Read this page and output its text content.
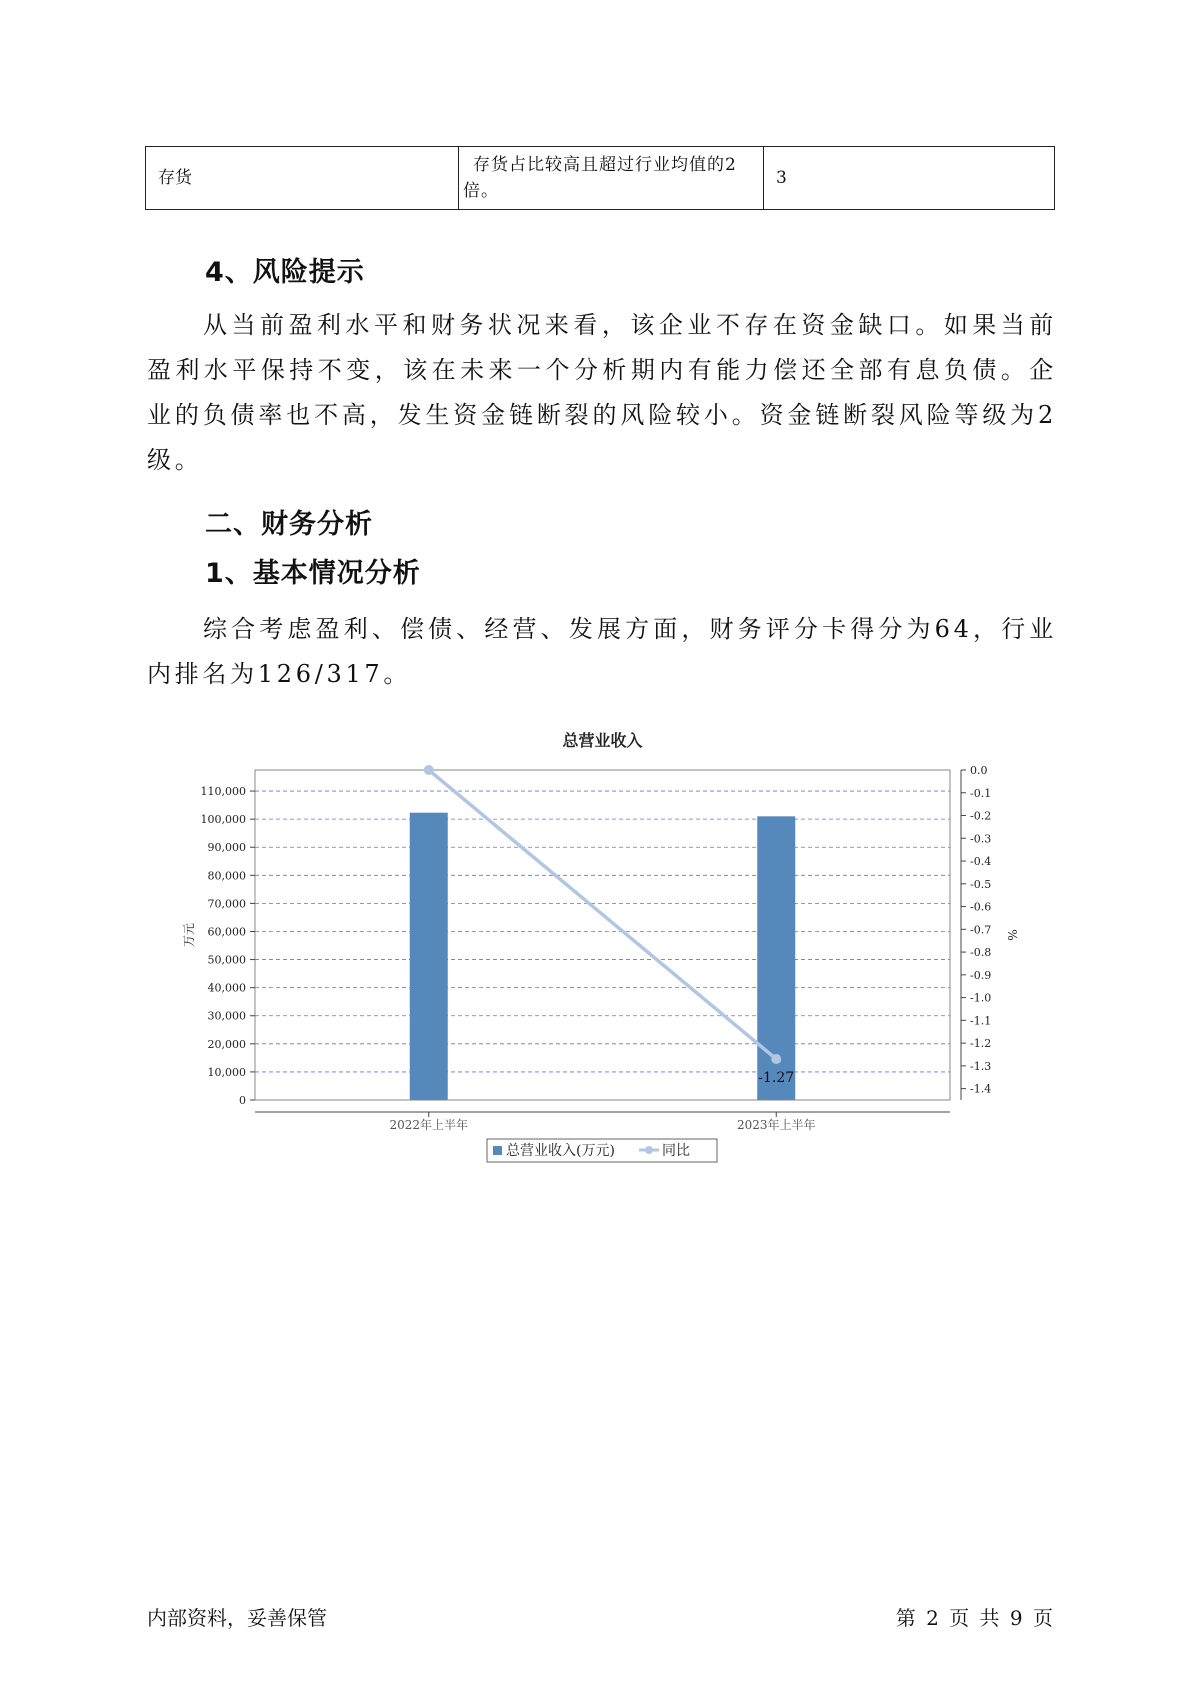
存货	存货占比较高且超过行业均值的2倍。	3
4、风险提示

从当前盈利水平和财务状况来看，该企业不存在资金缺口。如果当前盈利水平保持不变，该在未来一个分析期内有能力偿还全部有息负债。企业的负债率也不高，发生资金链断裂的风险较小。资金链断裂风险等级为2级。

二、财务分析
1、基本情况分析

综合考虑盈利、偿债、经营、发展方面，财务评分卡得分为64，行业内排名为126/317。

总营业收入
0
10,000
20,000
30,000
40,000
50,000
60,000
70,000
80,000
90,000
100,000
110,000
0.0
-0.1
-0.2
-0.3
-0.4
-0.5
-0.6
-0.7
-0.8
-0.9
-1.0
-1.1
-1.2
-1.3
-1.4
2022年上半年	2023年上半年
万元	%
-1.27
总营业收入(万元)	同比
内部资料，妥善保管	第 2 页 共 9 页
